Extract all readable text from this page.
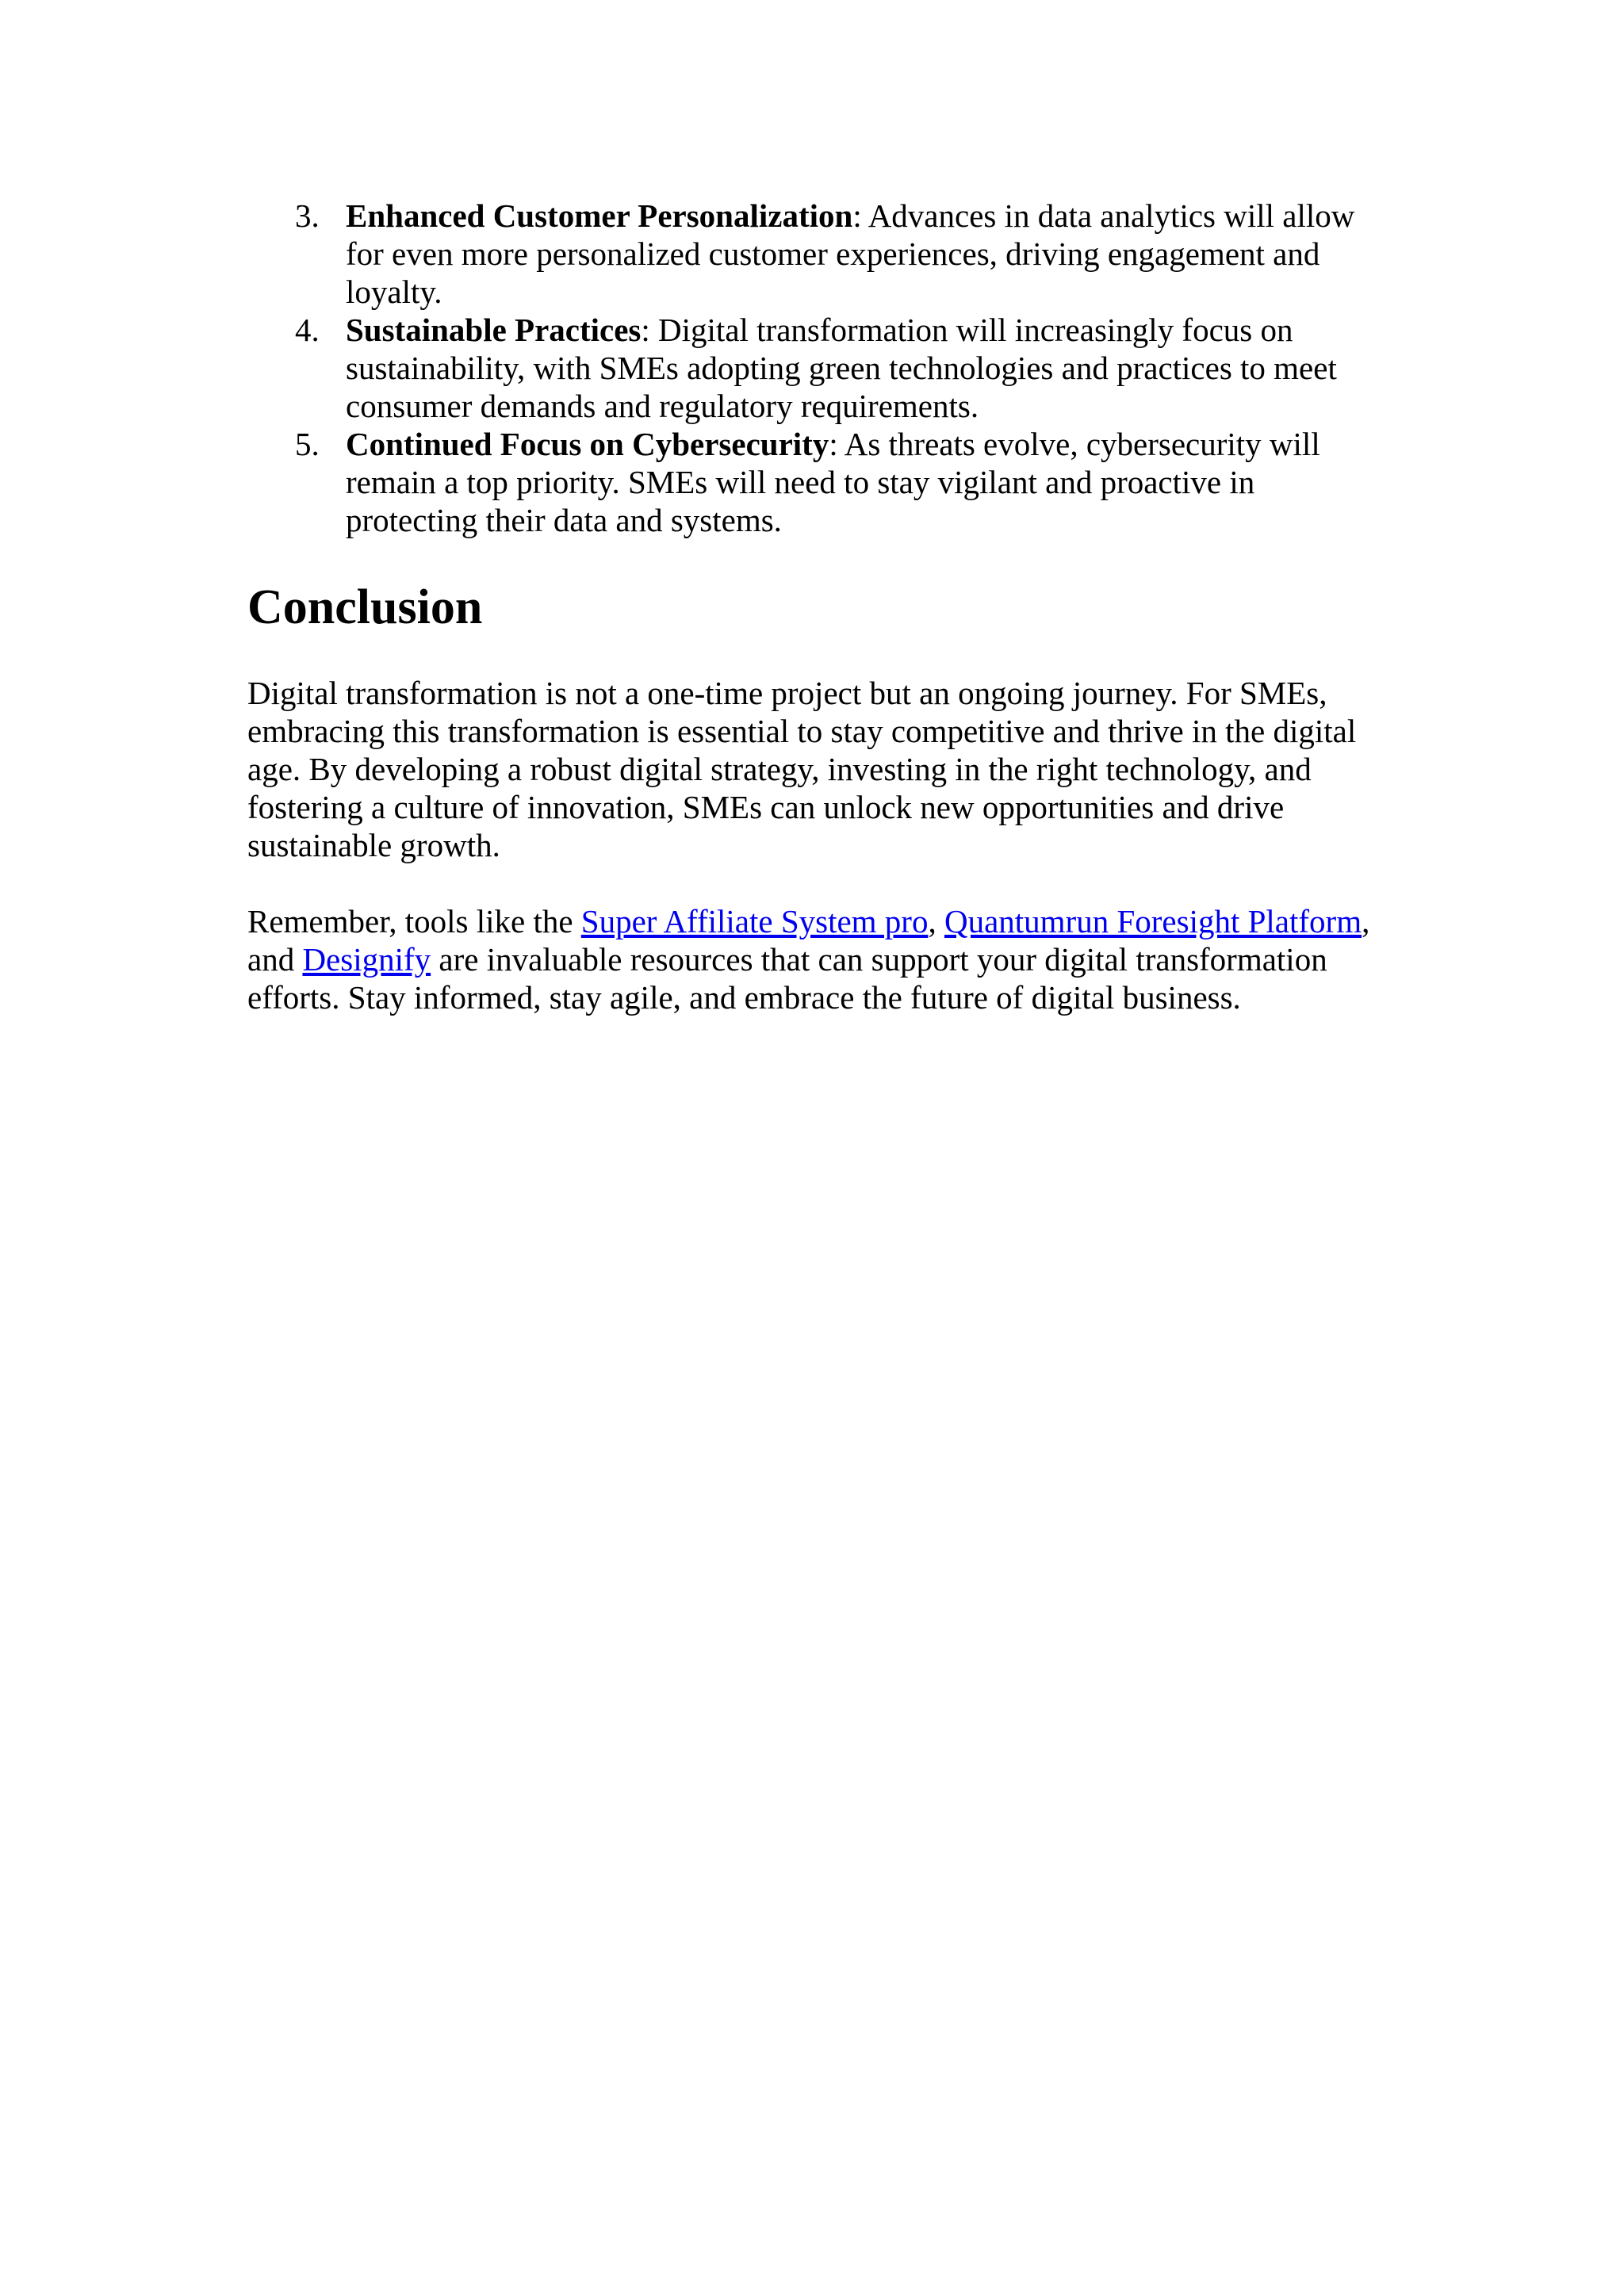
3. Enhanced Customer Personalization: Advances in data analytics will allow for even more personalized customer experiences, driving engagement and loyalty.
4. Sustainable Practices: Digital transformation will increasingly focus on sustainability, with SMEs adopting green technologies and practices to meet consumer demands and regulatory requirements.
5. Continued Focus on Cybersecurity: As threats evolve, cybersecurity will remain a top priority. SMEs will need to stay vigilant and proactive in protecting their data and systems.
Conclusion

Digital transformation is not a one-time project but an ongoing journey. For SMEs, embracing this transformation is essential to stay competitive and thrive in the digital age. By developing a robust digital strategy, investing in the right technology, and fostering a culture of innovation, SMEs can unlock new opportunities and drive sustainable growth.

Remember, tools like the Super Affiliate System pro, Quantumrun Foresight Platform, and Designify are invaluable resources that can support your digital transformation efforts. Stay informed, stay agile, and embrace the future of digital business.
